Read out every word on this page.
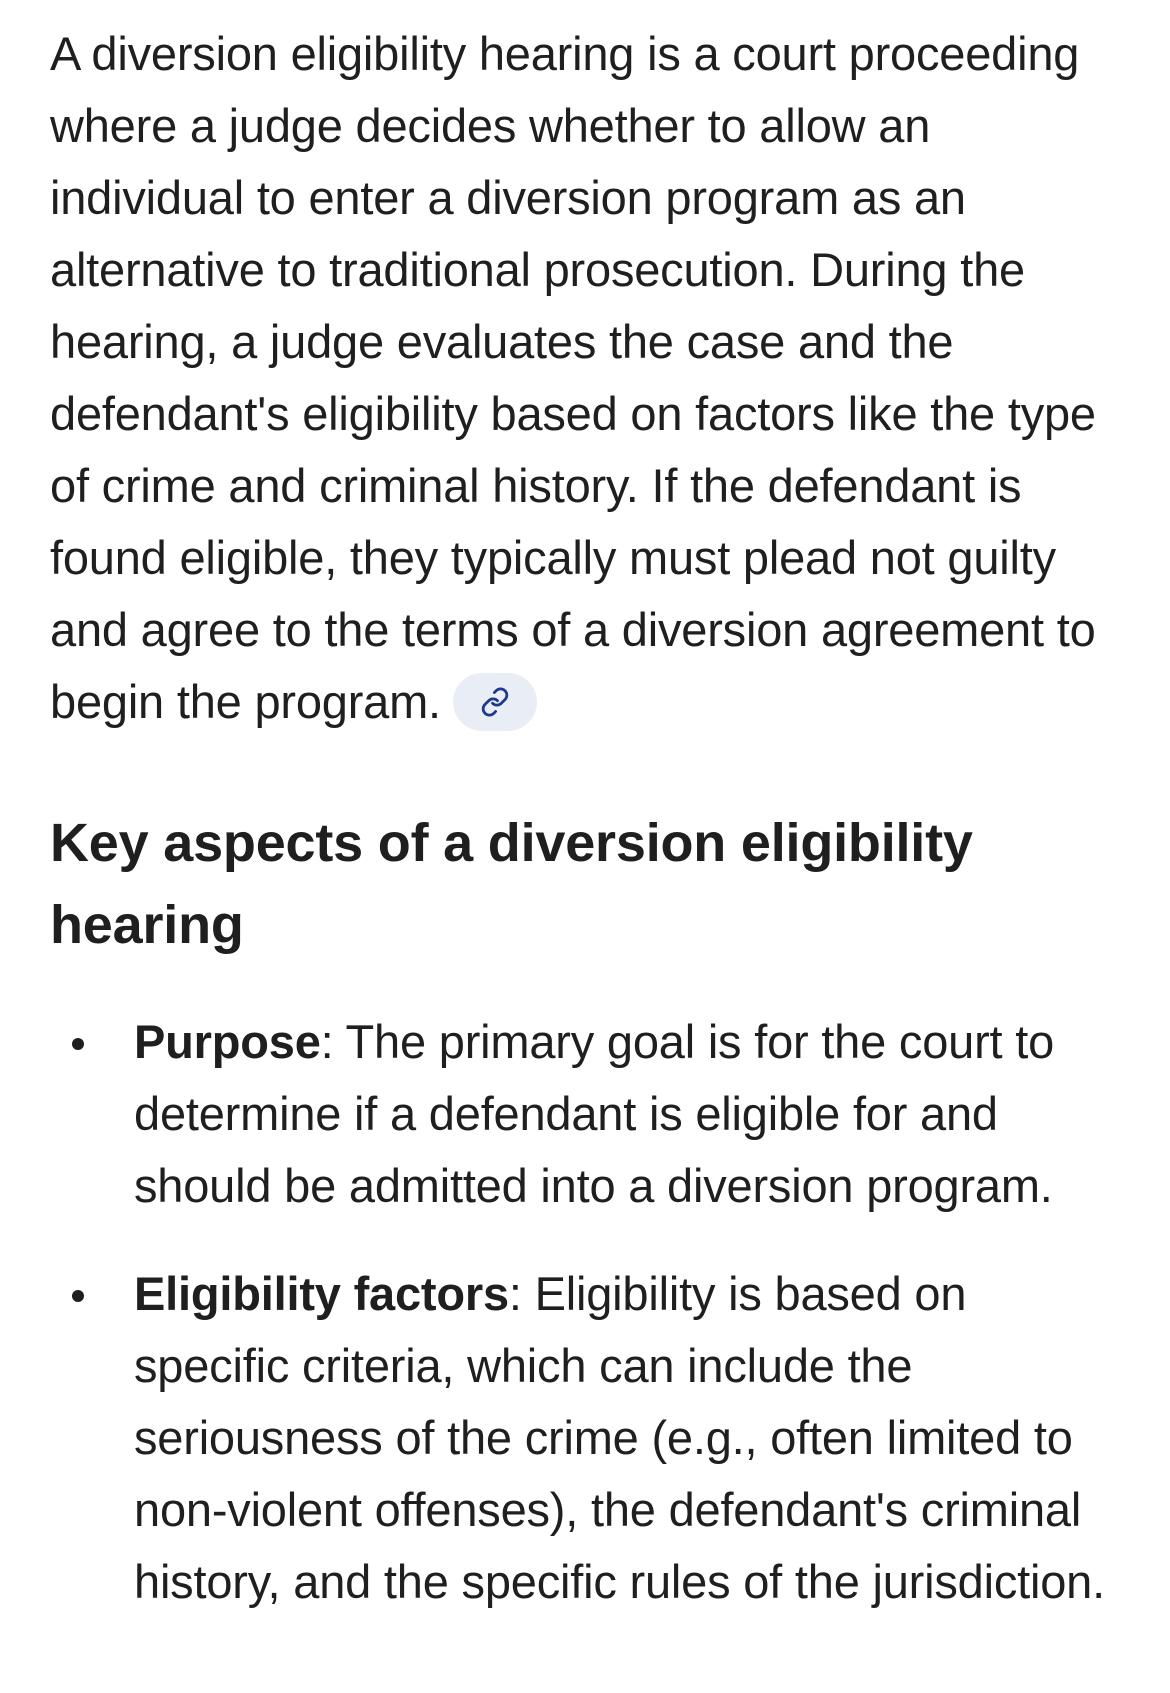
A diversion eligibility hearing is a court proceeding where a judge decides whether to allow an individual to enter a diversion program as an alternative to traditional prosecution. During the hearing, a judge evaluates the case and the defendant's eligibility based on factors like the type of crime and criminal history. If the defendant is found eligible, they typically must plead not guilty and agree to the terms of a diversion agreement to begin the program.

Key aspects of a diversion eligibility hearing
Purpose: The primary goal is for the court to determine if a defendant is eligible for and should be admitted into a diversion program.
Eligibility factors: Eligibility is based on specific criteria, which can include the seriousness of the crime (e.g., often limited to non-violent offenses), the defendant's criminal history, and the specific rules of the jurisdiction.
